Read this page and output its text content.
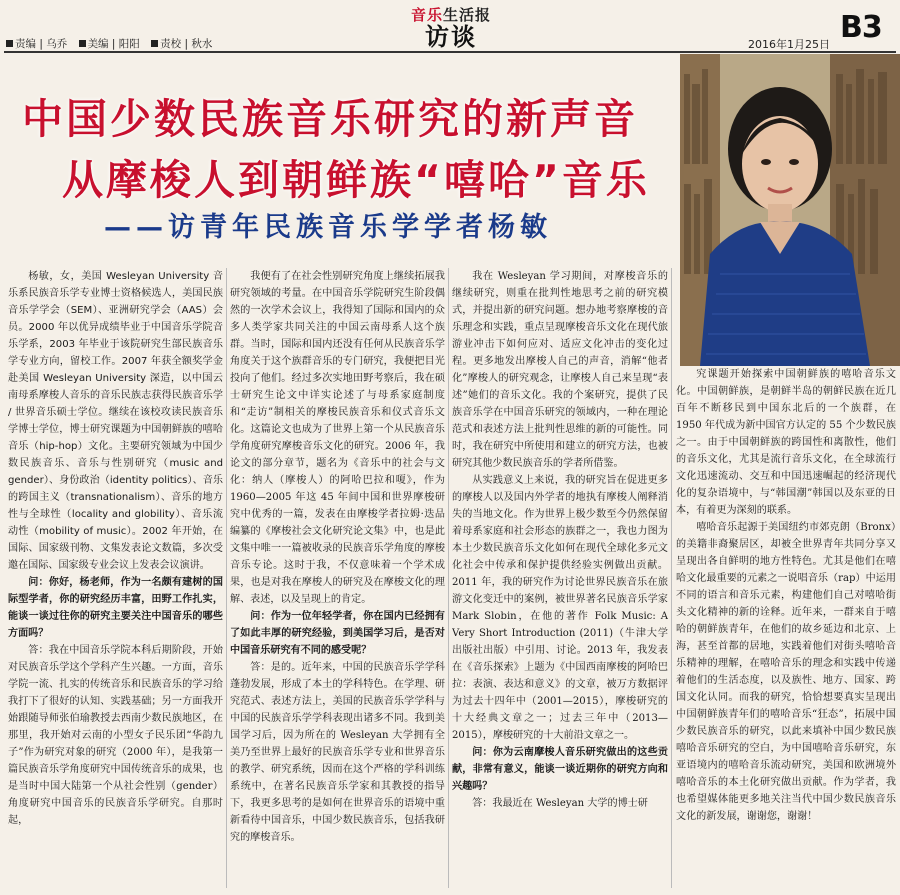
责编 | 乌乔 美编 | 阳阳 责校 | 秋水
音乐生活报
访谈	2016年1月25日 B3
中国少数民族音乐研究的新声音
从摩梭人到朝鲜族“嘻哈”音乐
——访青年民族音乐学学者杨敏

杨敏，女，美国 Wesleyan University 音乐系民族音乐学专业博士资格候选人，美国民族音乐学学会（SEM）、亚洲研究学会（AAS）会员。2000 年以优异成绩毕业于中国音乐学院音乐学系，2003 年毕业于该院研究生部民族音乐学专业方向，留校工作。2007 年获全额奖学金赴美国 Wesleyan University 深造，以中国云南母系摩梭人音乐的音乐民族志获得民族音乐学 / 世界音乐硕士学位。继续在该校攻读民族音乐学博士学位，博士研究课题为中国朝鲜族的嘻哈音乐（hip-hop）文化。主要研究领域为中国少数民族音乐、音乐与性别研究（music and gender）、身份政治（identity politics）、音乐的跨国主义（transnationalism）、音乐的地方性与全球性（locality and globility）、音乐流动性（mobility of music）。2002 年开始，在国际、国家级刊物、文集发表论文数篇，多次受邀在国际、国家级专业会议上发表会议演讲。

问：你好，杨老师，作为一名颇有建树的国际型学者，你的研究经历丰富，田野工作扎实，能谈一谈过往你的研究主要关注中国音乐的哪些方面吗？

答：我在中国音乐学院本科后期阶段，开始对民族音乐学这个学科产生兴趣。一方面，音乐学院一流、扎实的传统音乐和民族音乐的学习给我打下了很好的认知、实践基础；另一方面我开始跟随导师张伯瑜教授去西南少数民族地区，在那里，我开始对云南的小型女子民乐团“华韵九子”作为研究对象的研究（2000 年），是我第一篇民族音乐学角度研究中国传统音乐的成果，也是当时中国大陆第一个从社会性别（gender）角度研究中国音乐的民族音乐学研究。自那时起，

我便有了在社会性别研究角度上继续拓展我研究领域的考量。在中国音乐学院研究生阶段偶然的一次学术会议上，我得知了国际和国内的众多人类学家共同关注的中国云南母系人这个族群。当时，国际和国内还没有任何从民族音乐学角度关于这个族群音乐的专门研究，我便把目光投向了他们。经过多次实地田野考察后，我在硕士研究生论文中详实论述了与母系家庭制度和“走访”制相关的摩梭民族音乐和仪式音乐文化。这篇论文也成为了世界上第一个从民族音乐学角度研究摩梭音乐文化的研究。2006 年，我论文的部分章节，题名为《音乐中的社会与文化：纳人（摩梭人）的阿哈巴拉和嗄》，作为 1960—2005 年这 45 年间中国和世界摩梭研究中优秀的一篇，发表在由摩梭学者拉姆·迭品编纂的《摩梭社会文化研究论文集》中，也是此文集中唯一一篇被收录的民族音乐学角度的摩梭音乐专论。这时于我，不仅意味着一个学术成果，也是对我在摩梭人的研究及在摩梭文化的理解、表述，以及呈现上的肯定。

问：作为一位年轻学者，你在国内已经拥有了如此丰厚的研究经验，到美国学习后，是否对中国音乐研究有不同的感受呢？

答：是的。近年来，中国的民族音乐学学科蓬勃发展，形成了本土的学科特色。在学理、研究范式、表述方法上，美国的民族音乐学学科与中国的民族音乐学学科表现出诸多不同。我到美国学习后，因为所在的 Wesleyan 大学拥有全美乃至世界上最好的民族音乐学专业和世界音乐的教学、研究系统，因而在这个严格的学科训练系统中，在著名民族音乐学家和其教授的指导下，我更多思考的是如何在世界音乐的语境中重新看待中国音乐，中国少数民族音乐，包括我研究的摩梭音乐。

我在 Wesleyan 学习期间，对摩梭音乐的继续研究，则重在批判性地思考之前的研究模式，并提出新的研究问题。想办地考察摩梭的音乐理念和实践，重点呈现摩梭音乐文化在现代旅游业冲击下如何应对、适应文化冲击的变化过程。更多地发出摩梭人自己的声音，消解“他者化”摩梭人的研究观念，让摩梭人自己来呈现“表述”她们的音乐文化。我的个案研究，提供了民族音乐学在中国音乐研究的领域内，一种在理论范式和表述方法上批判性思维的新的可能性。同时，我在研究中所使用和建立的研究方法，也被研究其他少数民族音乐的学者所借鉴。

从实践意义上来说，我的研究旨在促进更多的摩梭人以及国内外学者的地执有摩梭人阐释消失的当地文化。作为世界上极少数至今仍然保留着母系家庭和社会形态的族群之一，我也力图为本土少数民族音乐文化如何在现代全球化多元文化社会中传承和保护提供经验实例做出贡献。2011 年，我的研究作为讨论世界民族音乐在旅游文化变迁中的案例，被世界著名民族音乐学家 Mark Slobin，在他的著作 Folk Music: A Very Short Introduction (2011)（牛津大学出版社出版）中引用、讨论。2013 年，我发表在《音乐探索》上题为《中国西南摩梭的阿哈巴拉：表演、表达和意义》的文章，被万方数据评为过去十四年中（2001—2015），摩梭研究的十大经典文章之一；过去三年中（2013—2015），摩梭研究的十大前沿文章之一。

问：你为云南摩梭人音乐研究做出的这些贡献，非常有意义，能谈一谈近期你的研究方向和兴趣吗？

答：我最近在 Wesleyan 大学的博士研

究课题开始探索中国朝鲜族的嘻哈音乐文化。中国朝鲜族，是朝鲜半岛的朝鲜民族在近几百年不断移民到中国东北后的一个族群，在 1950 年代成为新中国官方认定的 55 个少数民族之一。由于中国朝鲜族的跨国性和离散性，他们的音乐文化，尤其是流行音乐文化，在全球流行文化迅速流动、交互和中国迅速崛起的经济现代化的复杂语境中，与“韩国潮”韩国以及东亚的日本，有着更为深刻的联系。

嘻哈音乐起源于美国纽约市郊克朗（Bronx）的美籍非裔聚居区，却被全世界青年共同分享又呈现出各自鲜明的地方性特色。尤其是他们在嘻哈文化最重要的元素之一说唱音乐（rap）中运用不同的语言和音乐元素，构建他们自己对嘻哈街头文化精神的新的诠释。近年来，一群来自于嘻哈的朝鲜族青年，在他们的故乡延边和北京、上海，甚至首都的居地，实践着他们对街头嘻哈音乐精神的理解，在嘻哈音乐的理念和实践中传递着他们的生活态度，以及族性、地方、国家、跨国文化认同。而我的研究，恰恰想要真实呈现出中国朝鲜族青年们的嘻哈音乐“狂态”，拓展中国少数民族音乐的研究，以此来填补中国少数民族嘻哈音乐研究的空白，为中国嘻哈音乐研究，东亚语境内的嘻哈音乐流动研究，美国和欧洲境外嘻哈音乐的本土化研究做出贡献。作为学者，我也希望媒体能更多地关注当代中国少数民族音乐文化的新发展，谢谢您，谢谢！
